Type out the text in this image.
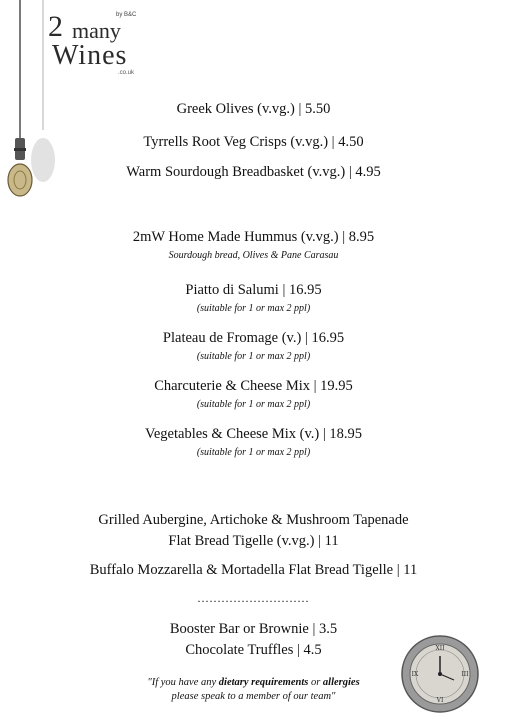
2	by B&C
many
Wines
.co.uk
Greek Olives (v.vg.) | 5.50
Tyrrells Root Veg Crisps (v.vg.) | 4.50
Warm Sourdough Breadbasket (v.vg.) | 4.95
2mW Home Made Hummus (v.vg.) | 8.95
Sourdough bread, Olives & Pane Carasau
Piatto di Salumi | 16.95
(suitable for 1 or max 2 ppl)
Plateau de Fromage (v.) | 16.95
(suitable for 1 or max 2 ppl)
Charcuterie & Cheese Mix | 19.95
(suitable for 1 or max 2 ppl)
Vegetables & Cheese Mix (v.) | 18.95
(suitable for 1 or max 2 ppl)
Grilled Aubergine, Artichoke & Mushroom Tapenade
Flat Bread Tigelle (v.vg.) | 11
Buffalo Mozzarella & Mortadella Flat Bread Tigelle | 11
............................
Booster Bar or Brownie | 3.5
Chocolate Truffles | 4.5
"If you have any dietary requirements or allergies
please speak to a member of our team"
XII
III
VI
IX
